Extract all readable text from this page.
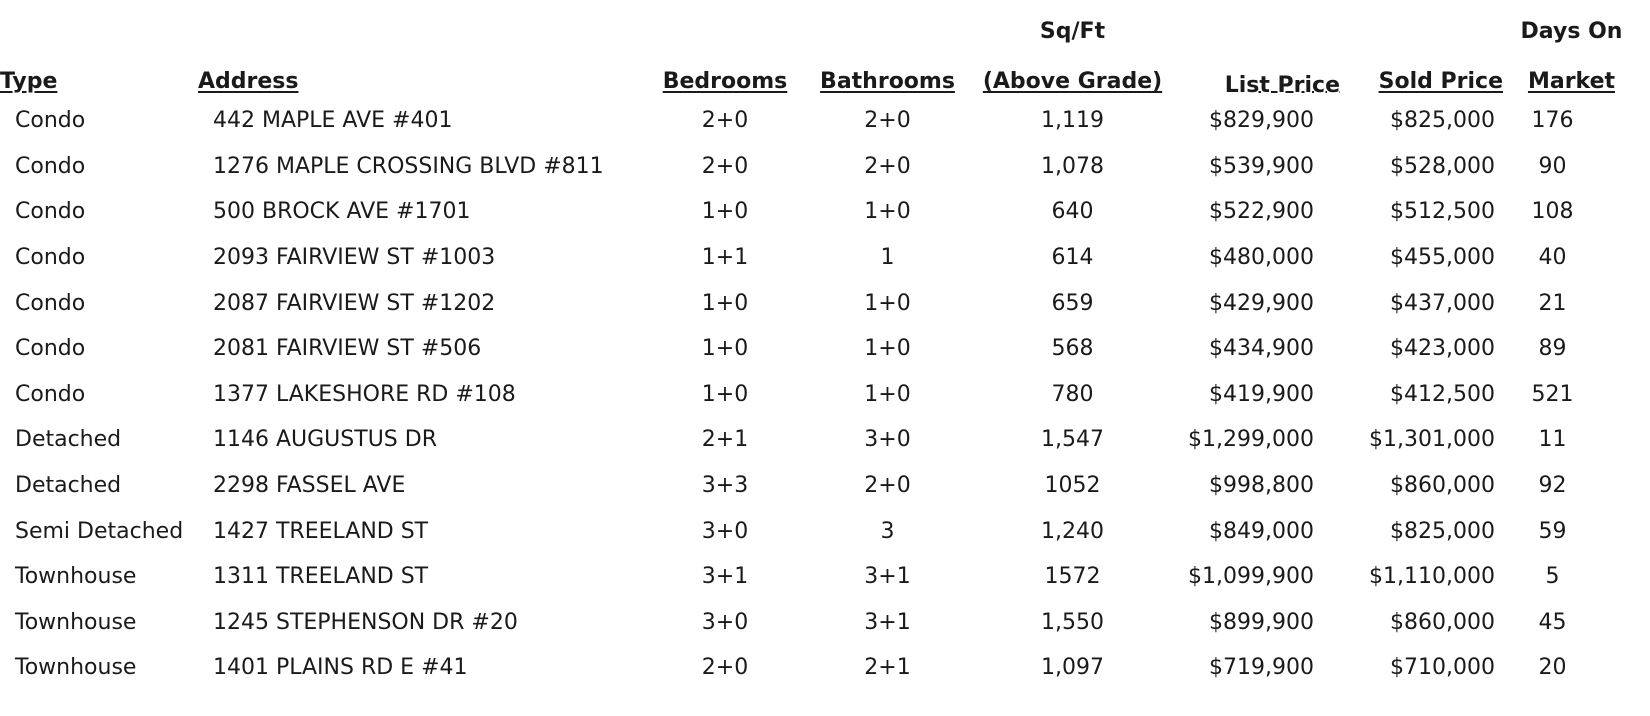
				Sq/Ft			Days On
Type	Address	Bedrooms	Bathrooms	(Above Grade)	List Price	Sold Price	Market
Condo	442 MAPLE AVE #401	2+0	2+0	1,119	$829,900	$825,000	176
Condo	1276 MAPLE CROSSING BLVD #811	2+0	2+0	1,078	$539,900	$528,000	90
Condo	500 BROCK AVE #1701	1+0	1+0	640	$522,900	$512,500	108
Condo	2093 FAIRVIEW ST #1003	1+1	1	614	$480,000	$455,000	40
Condo	2087 FAIRVIEW ST #1202	1+0	1+0	659	$429,900	$437,000	21
Condo	2081 FAIRVIEW ST #506	1+0	1+0	568	$434,900	$423,000	89
Condo	1377 LAKESHORE RD #108	1+0	1+0	780	$419,900	$412,500	521
Detached	1146 AUGUSTUS DR	2+1	3+0	1,547	$1,299,000	$1,301,000	11
Detached	2298 FASSEL AVE	3+3	2+0	1052	$998,800	$860,000	92
Semi Detached	1427 TREELAND ST	3+0	3	1,240	$849,000	$825,000	59
Townhouse	1311 TREELAND ST	3+1	3+1	1572	$1,099,900	$1,110,000	5
Townhouse	1245 STEPHENSON DR #20	3+0	3+1	1,550	$899,900	$860,000	45
Townhouse	1401 PLAINS RD E #41	2+0	2+1	1,097	$719,900	$710,000	20
